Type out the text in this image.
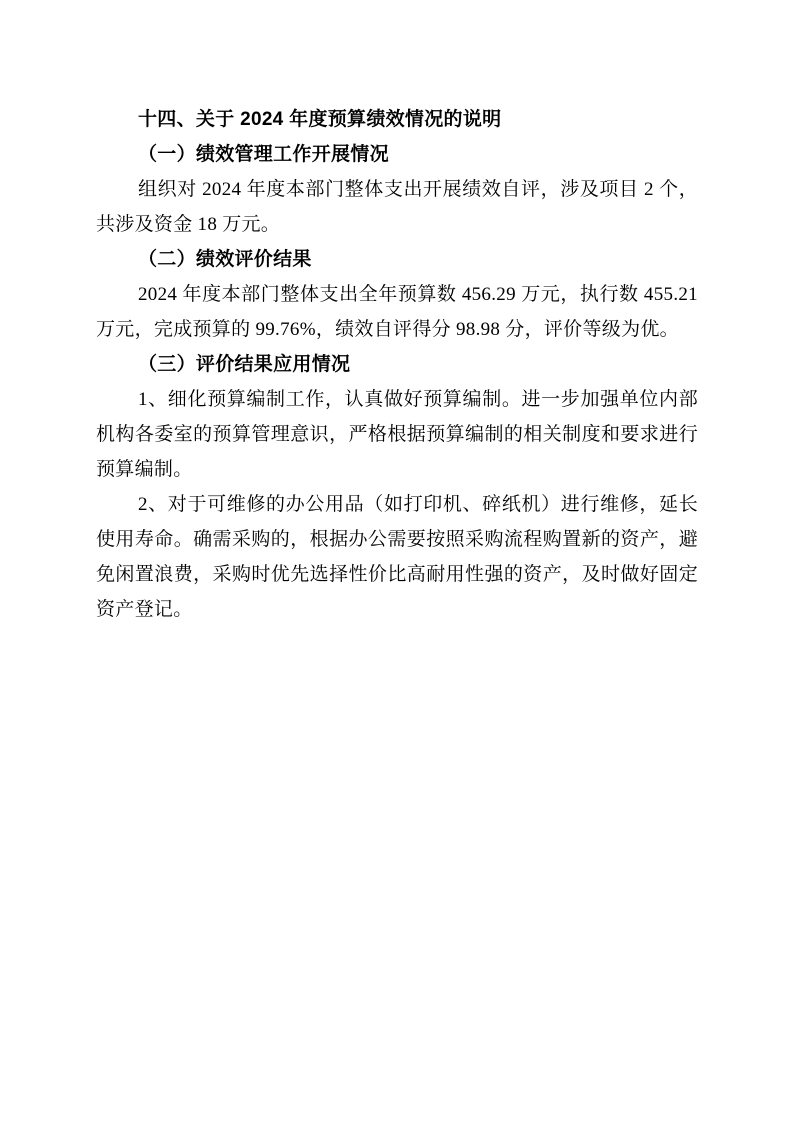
十四、关于 2024 年度预算绩效情况的说明
（一）绩效管理工作开展情况

组织对 2024 年度本部门整体支出开展绩效自评，涉及项目 2 个，共涉及资金 18 万元。

（二）绩效评价结果

2024 年度本部门整体支出全年预算数 456.29 万元，执行数 455.21 万元，完成预算的 99.76%，绩效自评得分 98.98 分，评价等级为优。

（三）评价结果应用情况

1、细化预算编制工作，认真做好预算编制。进一步加强单位内部机构各委室的预算管理意识，严格根据预算编制的相关制度和要求进行预算编制。

2、对于可维修的办公用品（如打印机、碎纸机）进行维修，延长使用寿命。确需采购的，根据办公需要按照采购流程购置新的资产，避免闲置浪费，采购时优先选择性价比高耐用性强的资产，及时做好固定资产登记。
